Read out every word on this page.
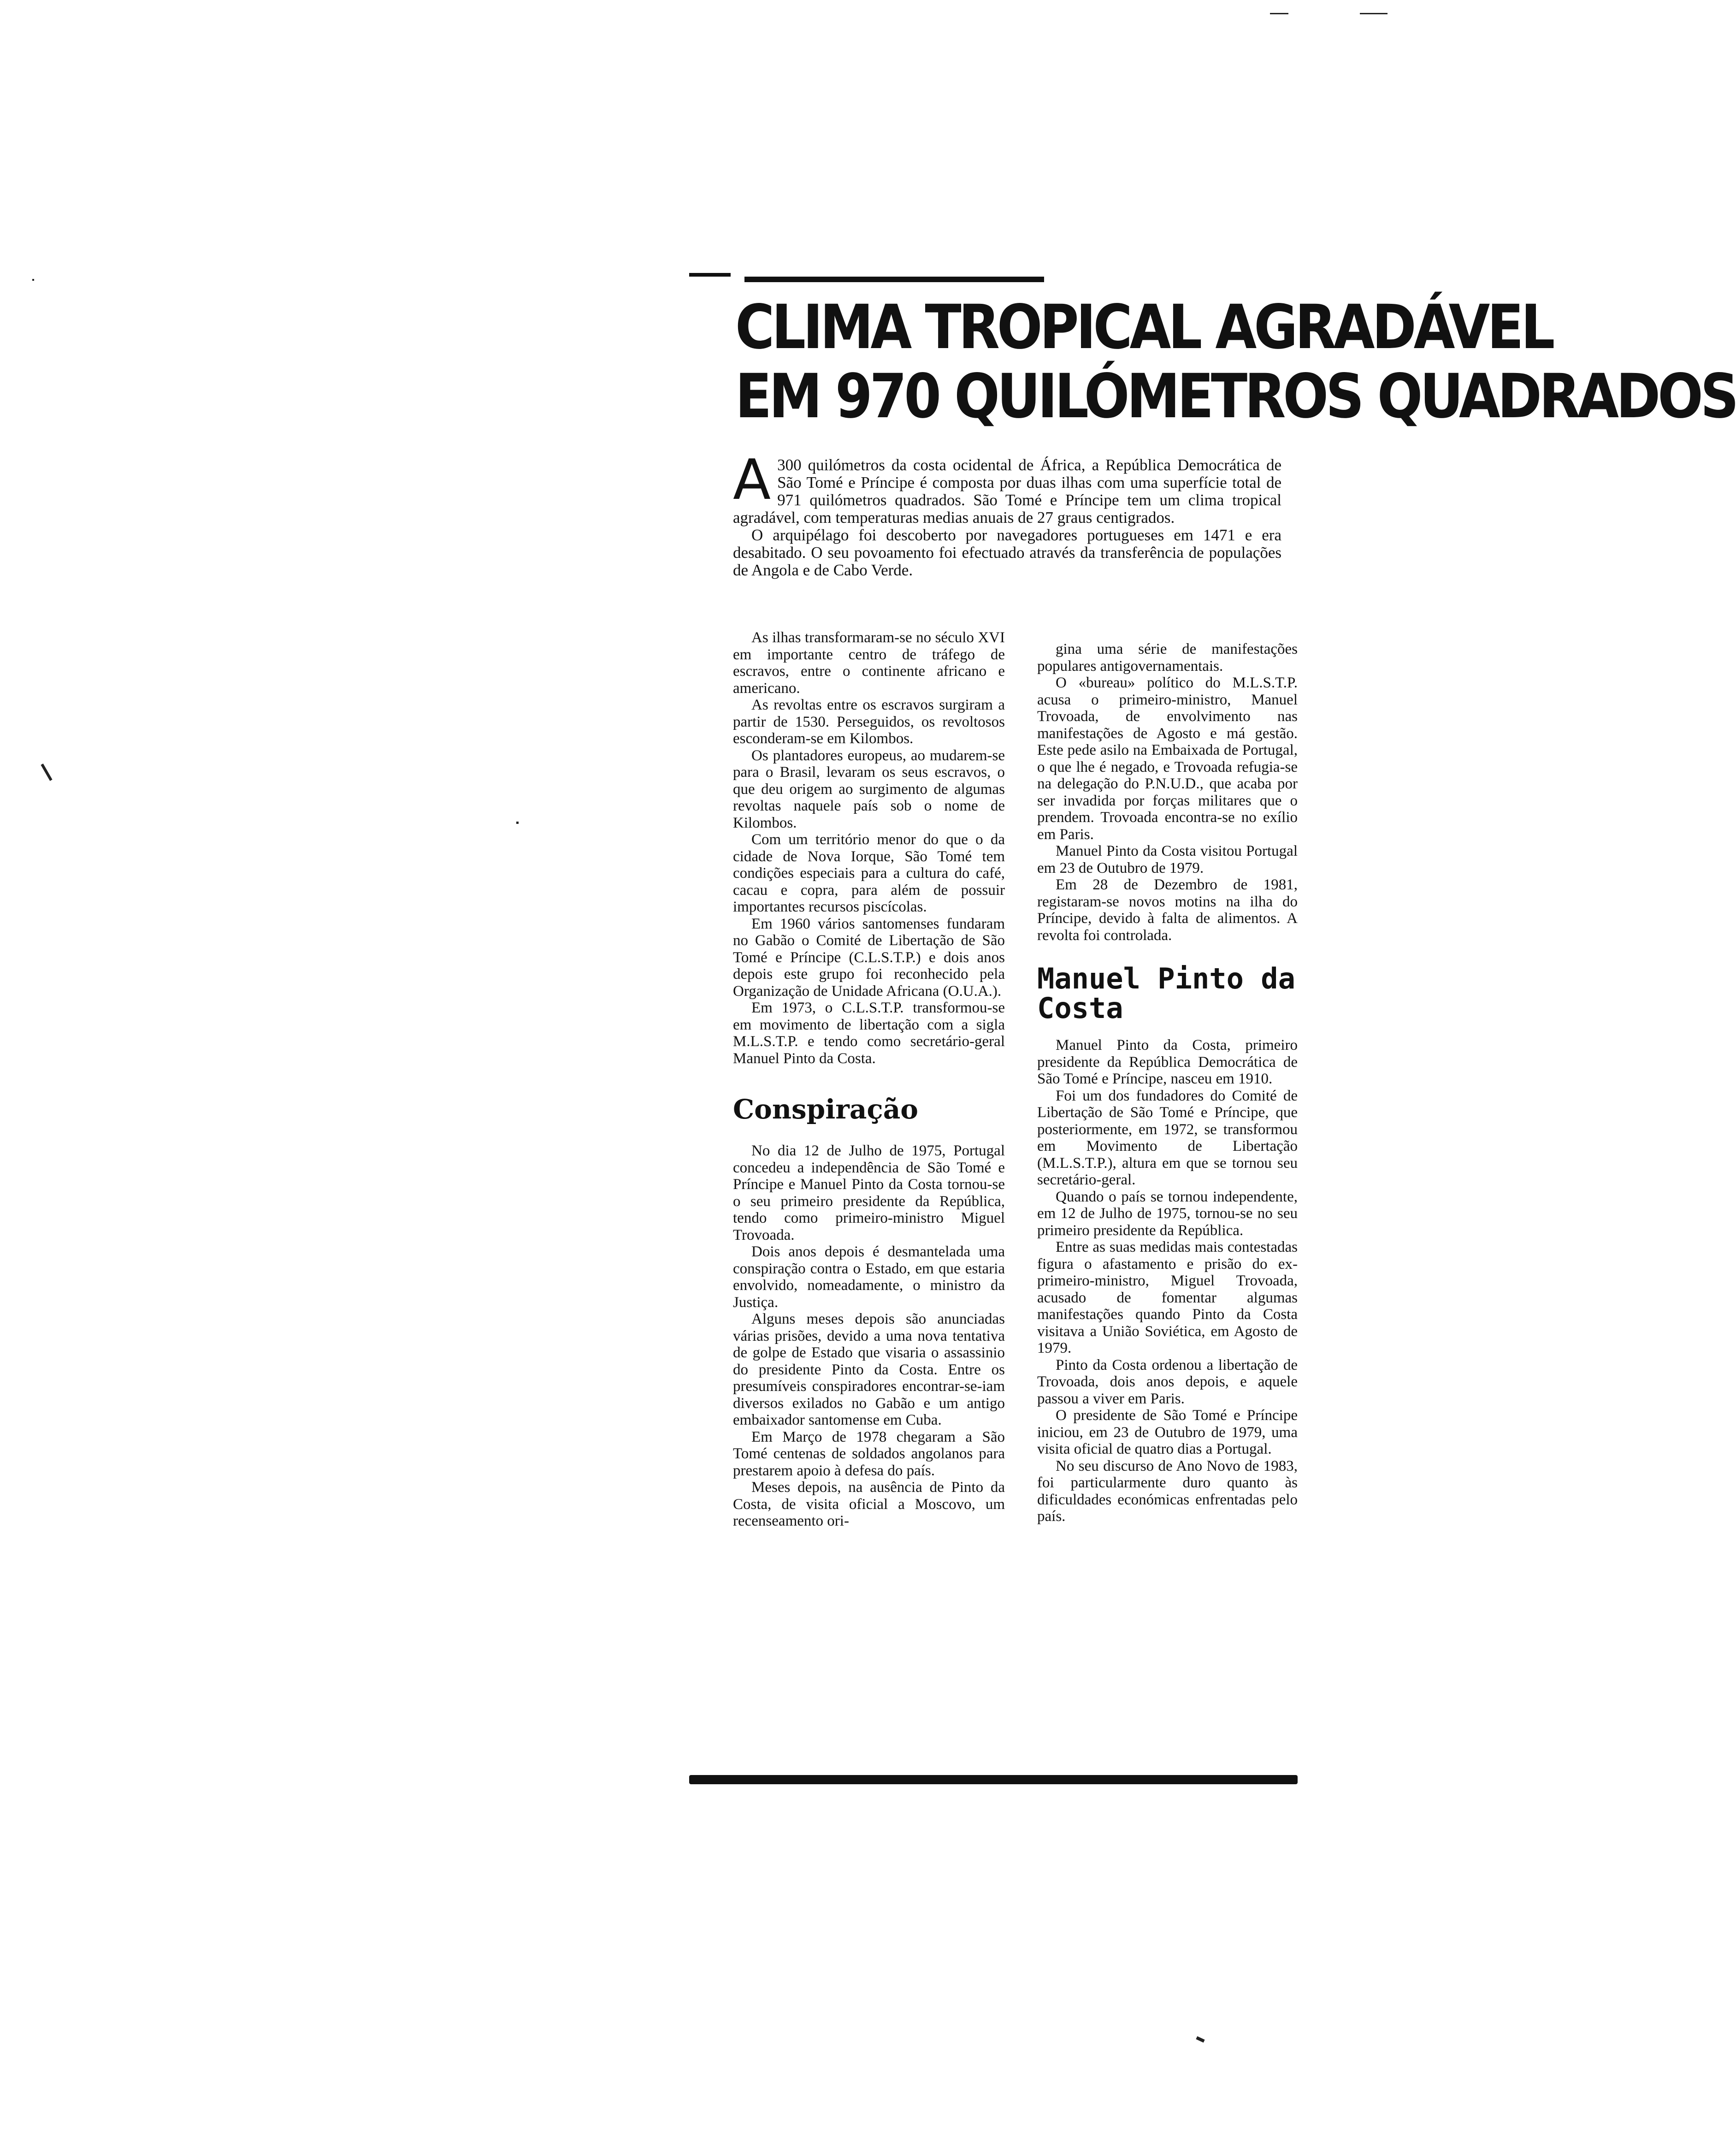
CLIMA TROPICAL AGRADÁVEL
EM 970 QUILÓMETROS QUADRADOS

A 300 quilómetros da costa ocidental de África, a República Democrática de São Tomé e Príncipe é composta por duas ilhas com uma superfície total de 971 quilómetros quadrados. São Tomé e Príncipe tem um clima tropical agradável, com temperaturas medias anuais de 27 graus centigrados.

O arquipélago foi descoberto por navegadores portugueses em 1471 e era desabitado. O seu povoamento foi efectuado através da transferência de populações de Angola e de Cabo Verde.

As ilhas transformaram-se no século XVI em importante centro de tráfego de escravos, entre o continente africano e americano.

As revoltas entre os escravos surgiram a partir de 1530. Perseguidos, os revoltosos esconderam-se em Kilombos.

Os plantadores europeus, ao mudarem-se para o Brasil, levaram os seus escravos, o que deu origem ao surgimento de algumas revoltas naquele país sob o nome de Kilombos.

Com um território menor do que o da cidade de Nova Iorque, São Tomé tem condições especiais para a cultura do café, cacau e copra, para além de possuir importantes recursos piscícolas.

Em 1960 vários santomenses fundaram no Gabão o Comité de Libertação de São Tomé e Príncipe (C.L.S.T.P.) e dois anos depois este grupo foi reconhecido pela Organização de Unidade Africana (O.U.A.).

Em 1973, o C.L.S.T.P. transformou-se em movimento de libertação com a sigla M.L.S.T.P. e tendo como secretário-geral Manuel Pinto da Costa.

Conspiração

No dia 12 de Julho de 1975, Portugal concedeu a independência de São Tomé e Príncipe e Manuel Pinto da Costa tornou-se o seu primeiro presidente da República, tendo como primeiro-ministro Miguel Trovoada.

Dois anos depois é desmantelada uma conspiração contra o Estado, em que estaria envolvido, nomeadamente, o ministro da Justiça.

Alguns meses depois são anunciadas várias prisões, devido a uma nova tentativa de golpe de Estado que visaria o assassinio do presidente Pinto da Costa. Entre os presumíveis conspiradores encontrar-se-iam diversos exilados no Gabão e um antigo embaixador santomense em Cuba.

Em Março de 1978 chegaram a São Tomé centenas de soldados angolanos para prestarem apoio à defesa do país.

Meses depois, na ausência de Pinto da Costa, de visita oficial a Moscovo, um recenseamento ori-

gina uma série de manifestações populares antigovernamentais.

O «bureau» político do M.L.S.T.P. acusa o primeiro-ministro, Manuel Trovoada, de envolvimento nas manifestações de Agosto e má gestão. Este pede asilo na Embaixada de Portugal, o que lhe é negado, e Trovoada refugia-se na delegação do P.N.U.D., que acaba por ser invadida por forças militares que o prendem. Trovoada encontra-se no exílio em Paris.

Manuel Pinto da Costa visitou Portugal em 23 de Outubro de 1979.

Em 28 de Dezembro de 1981, registaram-se novos motins na ilha do Príncipe, devido à falta de alimentos. A revolta foi controlada.

Manuel Pinto da Costa

Manuel Pinto da Costa, primeiro presidente da República Democrática de São Tomé e Príncipe, nasceu em 1910.

Foi um dos fundadores do Comité de Libertação de São Tomé e Príncipe, que posteriormente, em 1972, se transformou em Movimento de Libertação (M.L.S.T.P.), altura em que se tornou seu secretário-geral.

Quando o país se tornou independente, em 12 de Julho de 1975, tornou-se no seu primeiro presidente da República.

Entre as suas medidas mais contestadas figura o afastamento e prisão do ex-primeiro-ministro, Miguel Trovoada, acusado de fomentar algumas manifestações quando Pinto da Costa visitava a União Soviética, em Agosto de 1979.

Pinto da Costa ordenou a libertação de Trovoada, dois anos depois, e aquele passou a viver em Paris.

O presidente de São Tomé e Príncipe iniciou, em 23 de Outubro de 1979, uma visita oficial de quatro dias a Portugal.

No seu discurso de Ano Novo de 1983, foi particularmente duro quanto às dificuldades económicas enfrentadas pelo país.
